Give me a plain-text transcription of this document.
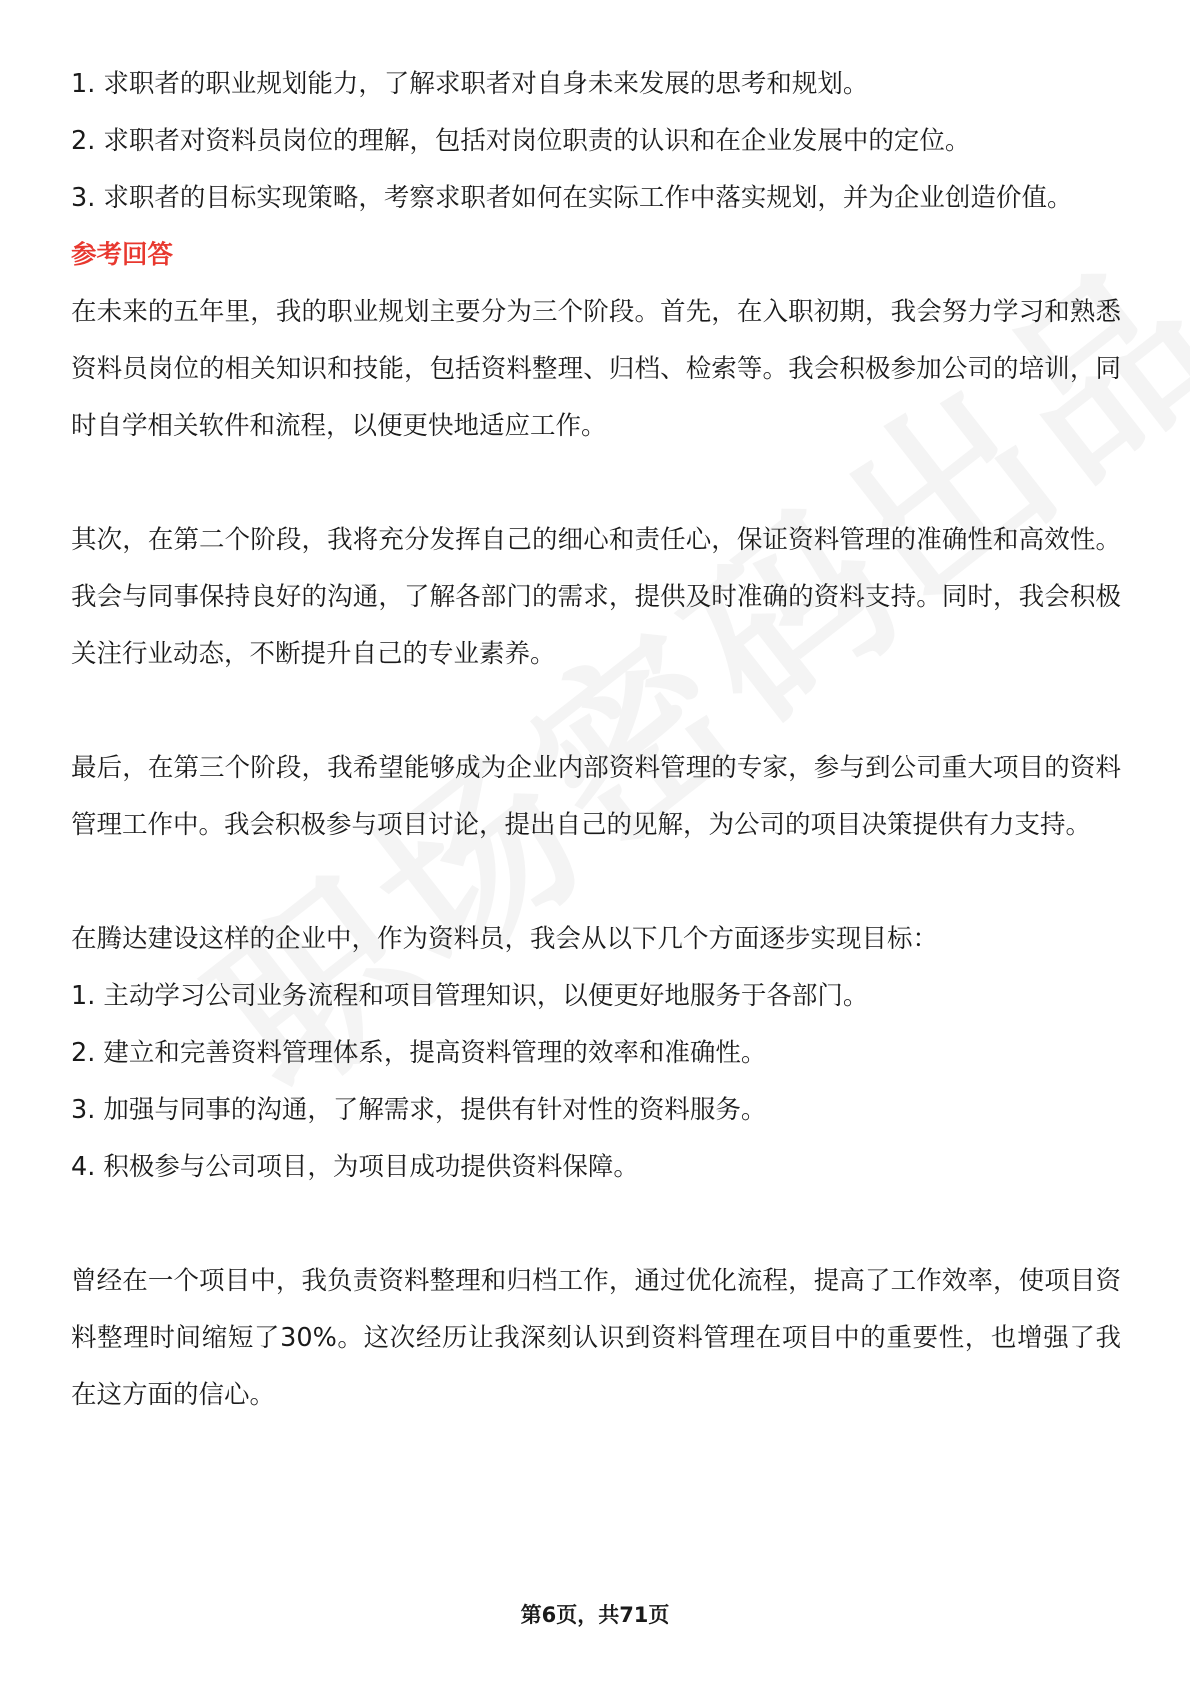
1. 求职者的职业规划能力，了解求职者对自身未来发展的思考和规划。

2. 求职者对资料员岗位的理解，包括对岗位职责的认识和在企业发展中的定位。

3. 求职者的目标实现策略，考察求职者如何在实际工作中落实规划，并为企业创造价值。

参考回答

在未来的五年里，我的职业规划主要分为三个阶段。首先，在入职初期，我会努力学习和熟悉资料员岗位的相关知识和技能，包括资料整理、归档、检索等。我会积极参加公司的培训，同时自学相关软件和流程，以便更快地适应工作。

其次，在第二个阶段，我将充分发挥自己的细心和责任心，保证资料管理的准确性和高效性。我会与同事保持良好的沟通，了解各部门的需求，提供及时准确的资料支持。同时，我会积极关注行业动态，不断提升自己的专业素养。

最后，在第三个阶段，我希望能够成为企业内部资料管理的专家，参与到公司重大项目的资料管理工作中。我会积极参与项目讨论，提出自己的见解，为公司的项目决策提供有力支持。

在腾达建设这样的企业中，作为资料员，我会从以下几个方面逐步实现目标：

1. 主动学习公司业务流程和项目管理知识，以便更好地服务于各部门。

2. 建立和完善资料管理体系，提高资料管理的效率和准确性。

3. 加强与同事的沟通，了解需求，提供有针对性的资料服务。

4. 积极参与公司项目，为项目成功提供资料保障。

曾经在一个项目中，我负责资料整理和归档工作，通过优化流程，提高了工作效率，使项目资料整理时间缩短了30%。这次经历让我深刻认识到资料管理在项目中的重要性，也增强了我在这方面的信心。

第6页，共71页
